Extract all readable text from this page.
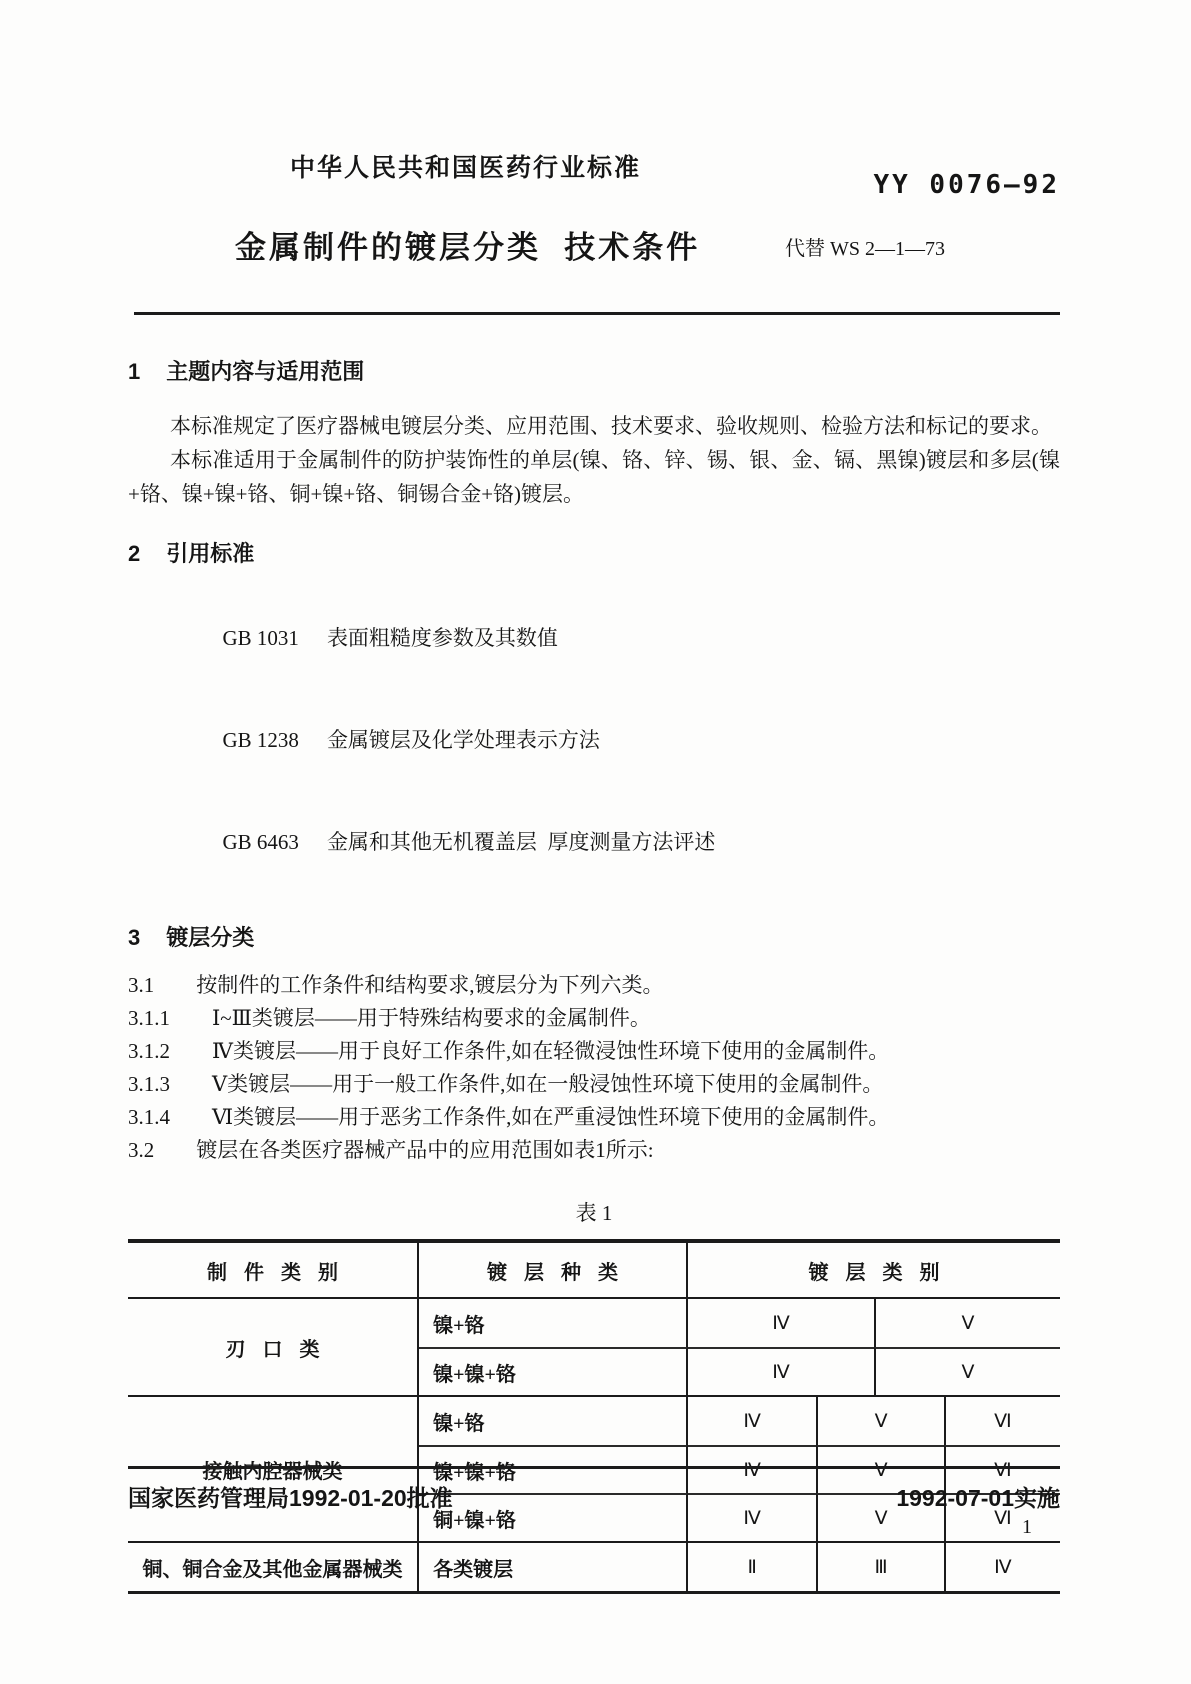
中华人民共和国医药行业标准
YY 0076—92
金属制件的镀层分类  技术条件	代替 WS 2—1—73
1 主题内容与适用范围

本标准规定了医疗器械电镀层分类、应用范围、技术要求、验收规则、检验方法和标记的要求。

本标准适用于金属制件的防护装饰性的单层(镍、铬、锌、锡、银、金、镉、黑镍)镀层和多层(镍+铬、镍+镍+铬、铜+镍+铬、铜锡合金+铬)镀层。

2 引用标准

GB 1031 表面粗糙度参数及其数值

GB 1238 金属镀层及化学处理表示方法

GB 6463 金属和其他无机覆盖层  厚度测量方法评述

3 镀层分类
3.1 按制件的工作条件和结构要求,镀层分为下列六类。
3.1.1 Ⅰ~Ⅲ类镀层——用于特殊结构要求的金属制件。
3.1.2 Ⅳ类镀层——用于良好工作条件,如在轻微浸蚀性环境下使用的金属制件。
3.1.3 Ⅴ类镀层——用于一般工作条件,如在一般浸蚀性环境下使用的金属制件。
3.1.4 Ⅵ类镀层——用于恶劣工作条件,如在严重浸蚀性环境下使用的金属制件。
3.2 镀层在各类医疗器械产品中的应用范围如表1所示:
表 1
制 件 类 别	镀 层 种 类	镀 层 类 别
刃 口 类
镍+铬	Ⅳ	Ⅴ
镍+镍+铬	Ⅳ	Ⅴ
接触内腔器械类
镍+铬	Ⅳ	Ⅴ	Ⅵ
镍+镍+铬	Ⅳ	Ⅴ	Ⅵ
铜+镍+铬	Ⅳ	Ⅴ	Ⅵ
铜、铜合金及其他金属器械类	各类镀层	Ⅱ	Ⅲ	Ⅳ
国家医药管理局1992-01-20批准	1992-07-01实施
1
